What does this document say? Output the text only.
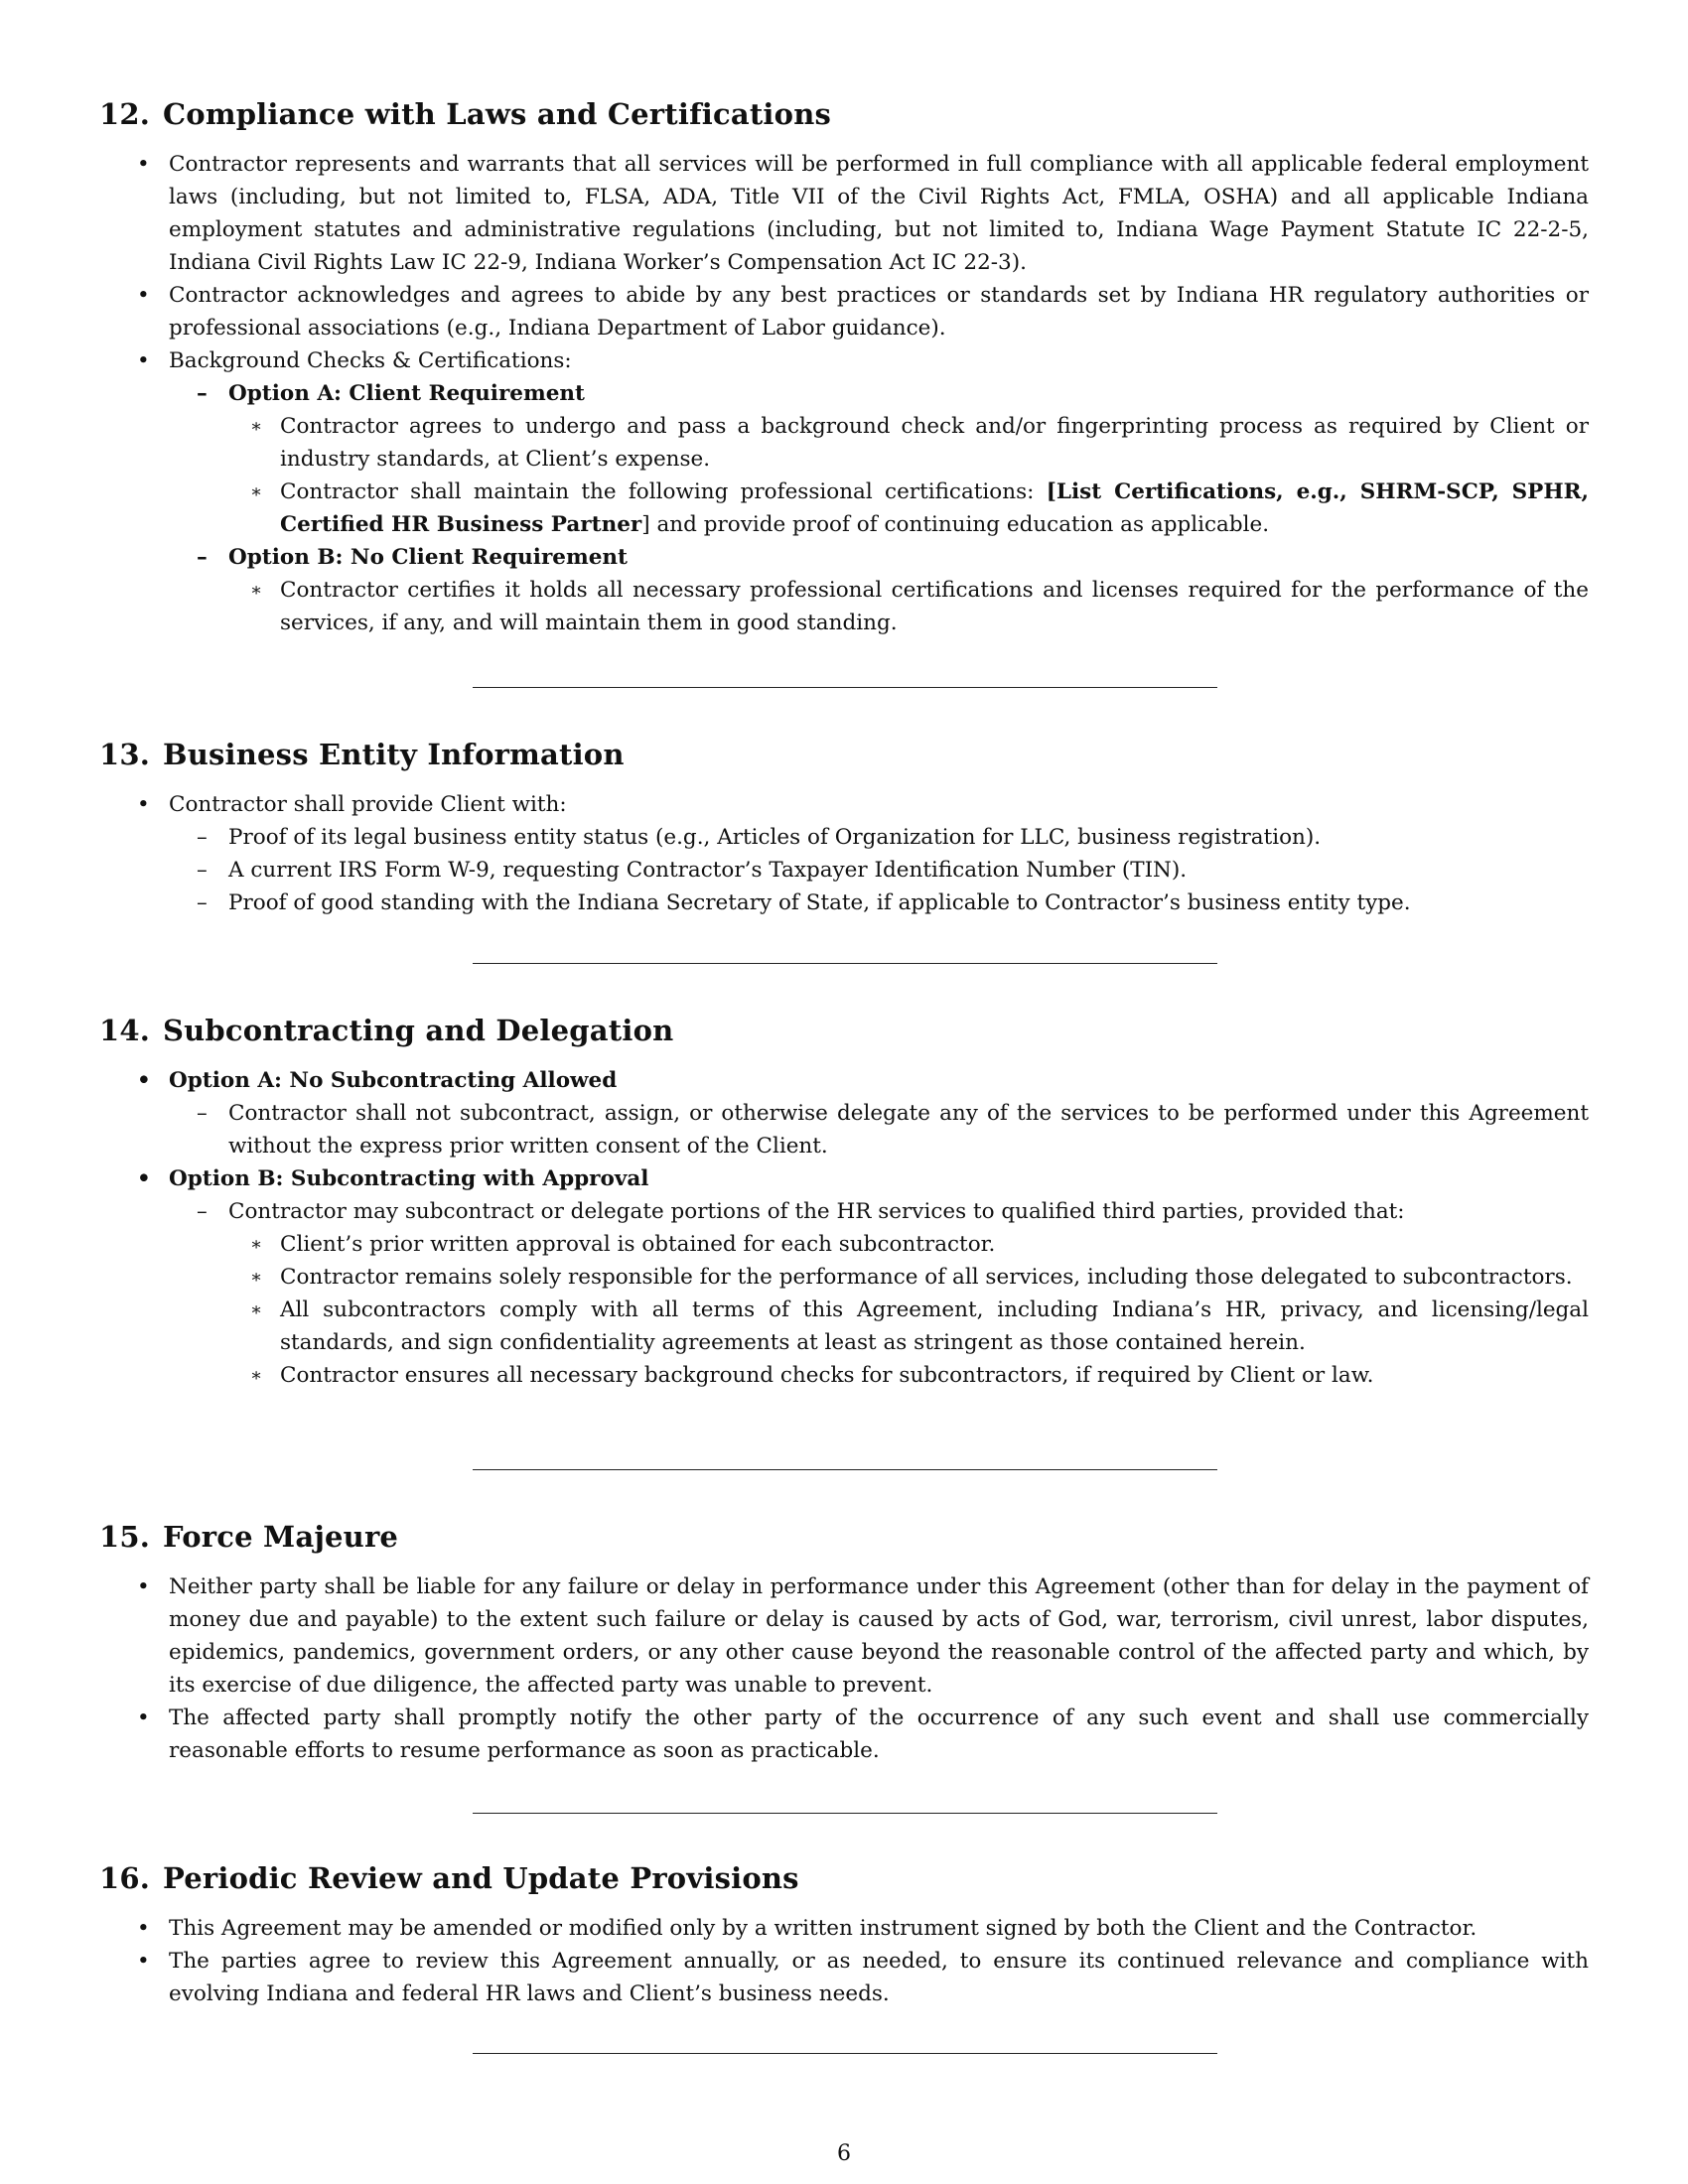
12. Compliance with Laws and Certifications
• Contractor represents and warrants that all services will be performed in full compliance with all applicable federal employment laws (including, but not limited to, FLSA, ADA, Title VII of the Civil Rights Act, FMLA, OSHA) and all applicable Indiana employment statutes and administrative regulations (including, but not limited to, Indiana Wage Payment Statute IC 22-2-5, Indiana Civil Rights Law IC 22-9, Indiana Worker’s Compensation Act IC 22-3).
• Contractor acknowledges and agrees to abide by any best practices or standards set by Indiana HR regulatory authorities or professional associations (e.g., Indiana Department of Labor guidance).
• Background Checks & Certifications:
– Option A: Client Requirement
∗ Contractor agrees to undergo and pass a background check and/or fingerprinting process as required by Client or industry standards, at Client’s expense.
∗ Contractor shall maintain the following professional certifications: [List Certifications, e.g., SHRM-SCP, SPHR, Certified HR Business Partner] and provide proof of continuing education as applicable.
– Option B: No Client Requirement
∗ Contractor certifies it holds all necessary professional certifications and licenses required for the performance of the services, if any, and will maintain them in good standing.
13. Business Entity Information
• Contractor shall provide Client with:
– Proof of its legal business entity status (e.g., Articles of Organization for LLC, business registration).
– A current IRS Form W-9, requesting Contractor’s Taxpayer Identification Number (TIN).
– Proof of good standing with the Indiana Secretary of State, if applicable to Contractor’s business entity type.
14. Subcontracting and Delegation
• Option A: No Subcontracting Allowed
– Contractor shall not subcontract, assign, or otherwise delegate any of the services to be performed under this Agreement without the express prior written consent of the Client.
• Option B: Subcontracting with Approval
– Contractor may subcontract or delegate portions of the HR services to qualified third parties, provided that:
∗ Client’s prior written approval is obtained for each subcontractor.
∗ Contractor remains solely responsible for the performance of all services, including those delegated to subcontractors.
∗ All subcontractors comply with all terms of this Agreement, including Indiana’s HR, privacy, and licensing/legal standards, and sign confidentiality agreements at least as stringent as those contained herein.
∗ Contractor ensures all necessary background checks for subcontractors, if required by Client or law.
15. Force Majeure
• Neither party shall be liable for any failure or delay in performance under this Agreement (other than for delay in the payment of money due and payable) to the extent such failure or delay is caused by acts of God, war, terrorism, civil unrest, labor disputes, epidemics, pandemics, government orders, or any other cause beyond the reasonable control of the affected party and which, by its exercise of due diligence, the affected party was unable to prevent.
• The affected party shall promptly notify the other party of the occurrence of any such event and shall use commercially reasonable efforts to resume performance as soon as practicable.
16. Periodic Review and Update Provisions
• This Agreement may be amended or modified only by a written instrument signed by both the Client and the Contractor.
• The parties agree to review this Agreement annually, or as needed, to ensure its continued relevance and compliance with evolving Indiana and federal HR laws and Client’s business needs.
6
